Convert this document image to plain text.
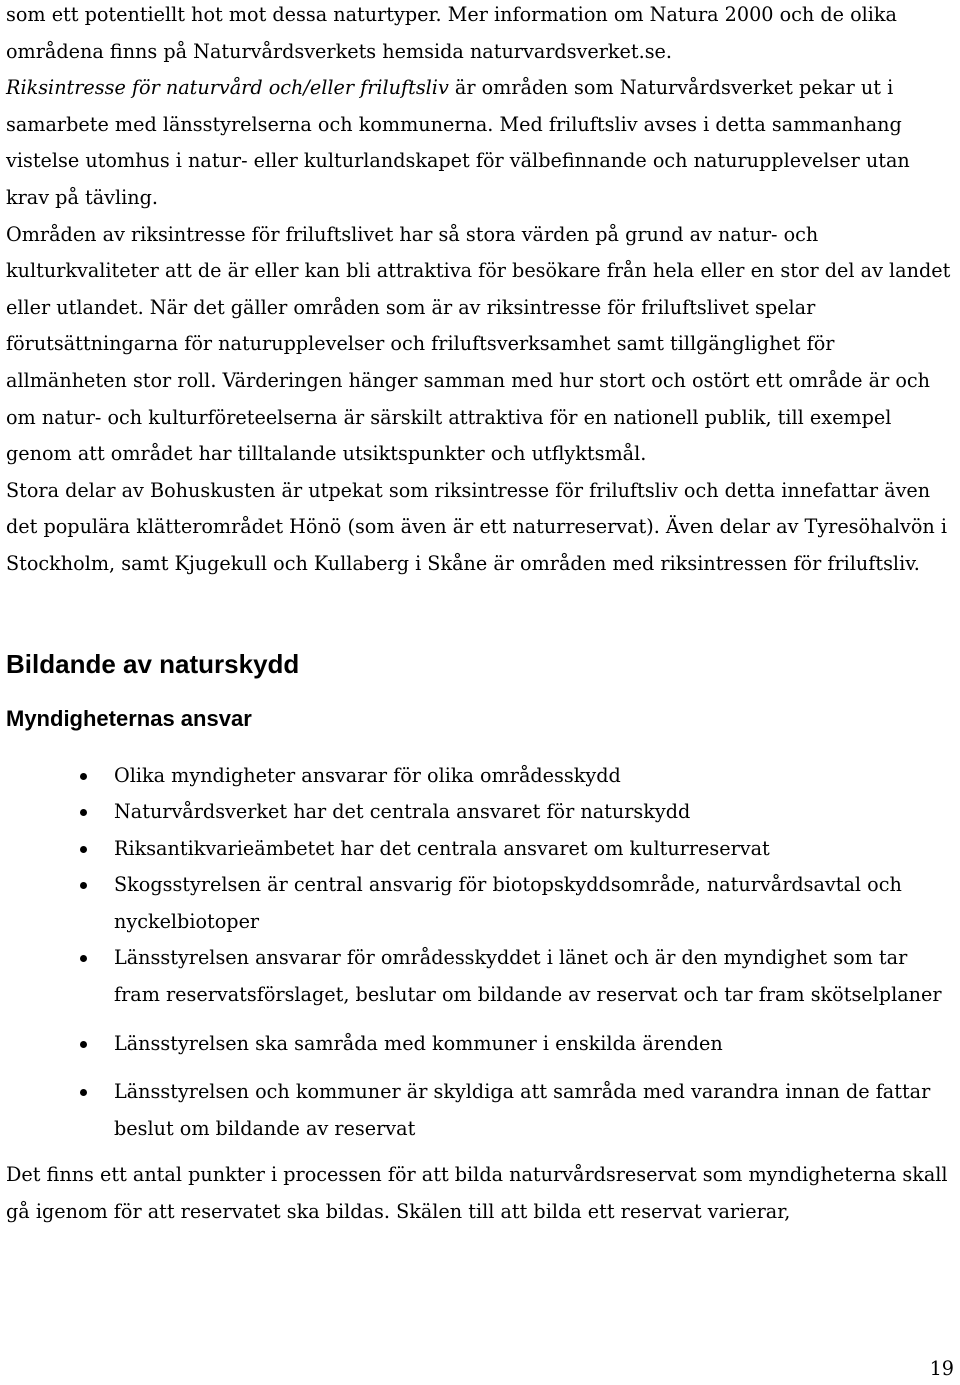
som ett potentiellt hot mot dessa naturtyper. Mer information om Natura 2000 och de olika områdena finns på Naturvårdsverkets hemsida naturvardsverket.se.

Riksintresse för naturvård och/eller friluftsliv är områden som Naturvårdsverket pekar ut i samarbete med länsstyrelserna och kommunerna. Med friluftsliv avses i detta sammanhang vistelse utomhus i natur- eller kulturlandskapet för välbefinnande och naturupplevelser utan krav på tävling.

Områden av riksintresse för friluftslivet har så stora värden på grund av natur- och kulturkvaliteter att de är eller kan bli attraktiva för besökare från hela eller en stor del av landet eller utlandet. När det gäller områden som är av riksintresse för friluftslivet spelar förutsättningarna för naturupplevelser och friluftsverksamhet samt tillgänglighet för allmänheten stor roll. Värderingen hänger samman med hur stort och ostört ett område är och om natur- och kulturföreteelserna är särskilt attraktiva för en nationell publik, till exempel genom att området har tilltalande utsiktspunkter och utflyktsmål.

Stora delar av Bohuskusten är utpekat som riksintresse för friluftsliv och detta innefattar även det populära klätterområdet Hönö (som även är ett naturreservat). Även delar av Tyresöhalvön i Stockholm, samt Kjugekull och Kullaberg i Skåne är områden med riksintressen för friluftsliv.

Bildande av naturskydd
Myndigheternas ansvar
Olika myndigheter ansvarar för olika områdesskydd
Naturvårdsverket har det centrala ansvaret för naturskydd
Riksantikvarieämbetet har det centrala ansvaret om kulturreservat
Skogsstyrelsen är central ansvarig för biotopskyddsområde, naturvårdsavtal och nyckelbiotoper
Länsstyrelsen ansvarar för områdesskyddet i länet och är den myndighet som tar fram reservatsförslaget, beslutar om bildande av reservat och tar fram skötselplaner
Länsstyrelsen ska samråda med kommuner i enskilda ärenden
Länsstyrelsen och kommuner är skyldiga att samråda med varandra innan de fattar beslut om bildande av reservat

Det finns ett antal punkter i processen för att bilda naturvårdsreservat som myndigheterna skall gå igenom för att reservatet ska bildas. Skälen till att bilda ett reservat varierar,

19
